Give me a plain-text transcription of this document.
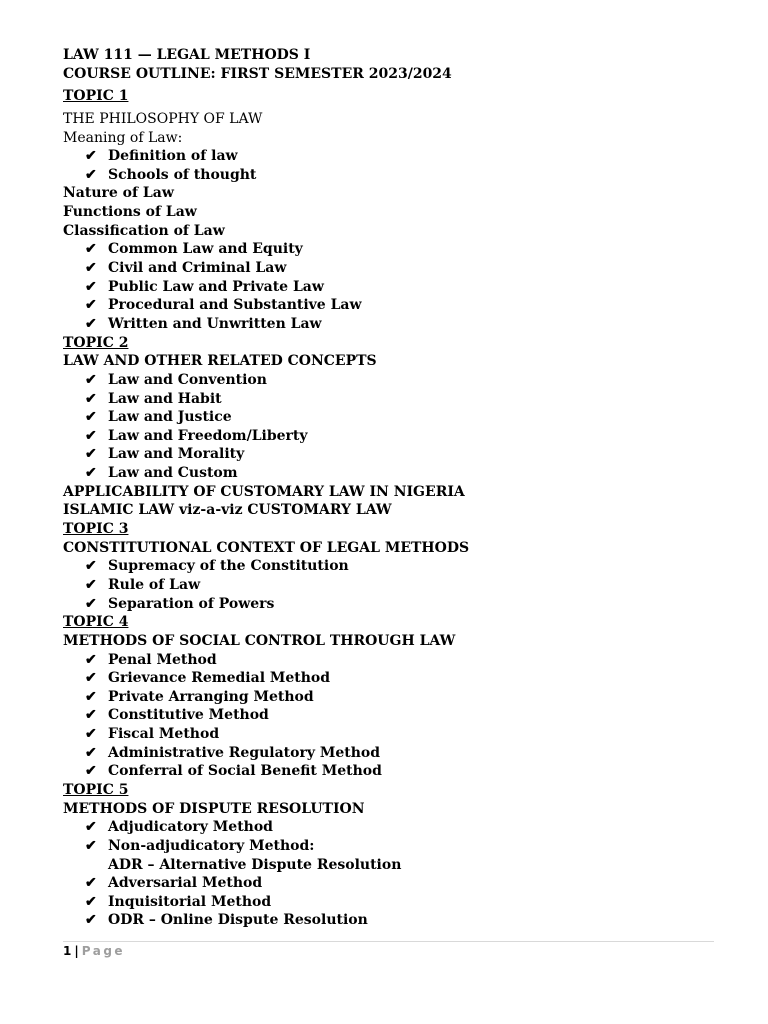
LAW 111 — LEGAL METHODS I
COURSE OUTLINE: FIRST SEMESTER 2023/2024
TOPIC 1
THE PHILOSOPHY OF LAW
Meaning of Law:
✔ Definition of law
✔ Schools of thought
Nature of Law
Functions of Law
Classification of Law
✔ Common Law and Equity
✔ Civil and Criminal Law
✔ Public Law and Private Law
✔ Procedural and Substantive Law
✔ Written and Unwritten Law
TOPIC 2
LAW AND OTHER RELATED CONCEPTS
✔ Law and Convention
✔ Law and Habit
✔ Law and Justice
✔ Law and Freedom/Liberty
✔ Law and Morality
✔ Law and Custom
APPLICABILITY OF CUSTOMARY LAW IN NIGERIA
ISLAMIC LAW viz-a-viz CUSTOMARY LAW
TOPIC 3
CONSTITUTIONAL CONTEXT OF LEGAL METHODS
✔ Supremacy of the Constitution
✔ Rule of Law
✔ Separation of Powers
TOPIC 4
METHODS OF SOCIAL CONTROL THROUGH LAW
✔ Penal Method
✔ Grievance Remedial Method
✔ Private Arranging Method
✔ Constitutive Method
✔ Fiscal Method
✔ Administrative Regulatory Method
✔ Conferral of Social Benefit Method
TOPIC 5
METHODS OF DISPUTE RESOLUTION
✔ Adjudicatory Method
✔ Non-adjudicatory Method:
ADR – Alternative Dispute Resolution
✔ Adversarial Method
✔ Inquisitorial Method
✔ ODR – Online Dispute Resolution
1 | Page
